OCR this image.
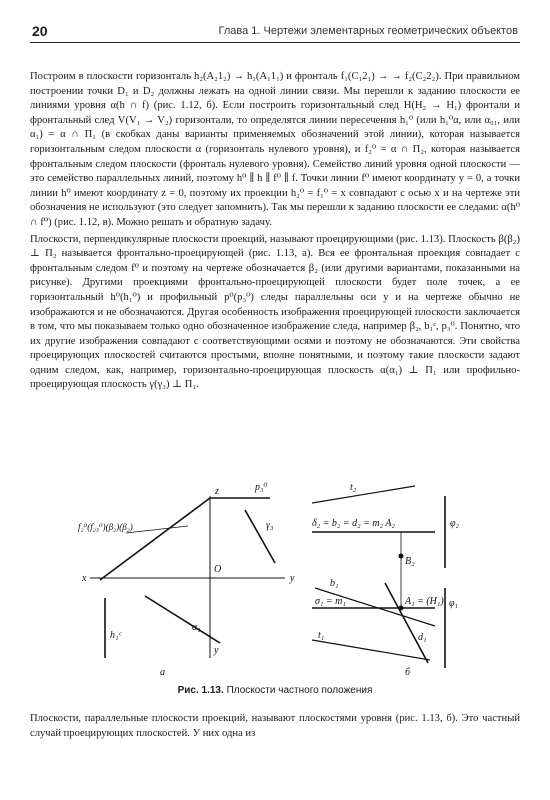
20	Глава 1. Чертежи элементарных геометрических объектов

Построим в плоскости горизонталь h₂(A₂1₂) → h₁(A₁1₁) и фронталь f₁(C₁2₁) → → f₂(C₂2₂). При правильном построении точки D₁ и D₂ должны лежать на одной линии связи. Мы перешли к заданию плоскости ее линиями уровня α(h ∩ f) (рис. 1.12, б). Если построить горизонтальный след H(H₂ → H₁) фронтали и фронтальный след V(V₁ → V₂) горизонтали, то определятся линии пересечения h₁⁰ (или h₁⁰α, или α₀₁, или α₁) = α ∩ Π₁ (в скобках даны варианты применяемых обозначений этой линии), которая называется горизонтальным следом плоскости α (горизонталь нулевого уровня), и f₂⁰ = α ∩ Π₂, которая называется фронтальным следом плоскости (фронталь нулевого уровня). Семейство линий уровня одной плоскости — это семейство параллельных линий, поэтому h⁰ ∥ h ∥ f⁰ ∥ f. Точки линии f⁰ имеют координату y = 0, а точки линии h⁰ имеют координату z = 0, поэтому их проекции h₂⁰ = f₁⁰ = x совпадают с осью x и на чертеже эти обозначения не используют (это следует запомнить). Так мы перешли к заданию плоскости ее следами: α(h⁰ ∩ f⁰) (рис. 1.12, в). Можно решать и обратную задачу.

Плоскости, перпендикулярные плоскости проекций, называют проецирующими (рис. 1.13). Плоскость β(β₂) ⊥ Π₂ называется фронтально-проецирующей (рис. 1.13, а). Вся ее фронтальная проекция совпадает с фронтальным следом f⁰ и поэтому на чертеже обозначается β₂ (или другими вариантами, показанными на рисунке). Другими проекциями фронтально-проецирующей плоскости будет поле точек, а ее горизонтальный h⁰(h₁⁰) и профильный p⁰(p₃⁰) следы параллельны оси y и на чертеже обычно не изображаются и не обозначаются. Другая особенность изображения проецирующей плоскости заключается в том, что мы показываем только одно обозначенное изображение следа, например β₂, b₁ᶜ, p₃⁰. Понятно, что их другие изображения совпадают с соответствующими осями и поэтому не обозначаются. Эти свойства проецирующих плоскостей считаются простыми, вполне понятными, и поэтому такие плоскости задают одним следом, как, например, горизонтально-проецирующая плоскость α(α₁) ⊥ Π₁ или профильно-проецирующая плоскость γ(γ₃) ⊥ Π₁.

f₂⁰(f₂₃⁰)(β₂)(β₂)
z	p₃⁰
γ₃
O
y
x
α₁
h₁ᶜ
y
а
t₂
φ₂
δ₂ = b₂ = d₂ = m₂ A₂
B₂
φ₁
b₁
σ₁ = m₁	A₁ = (H₁)
t₁	d₁
б
Рис. 1.13. Плоскости частного положения

Плоскости, параллельные плоскости проекций, называют плоскостями уровня (рис. 1.13, б). Это частный случай проецирующих плоскостей. У них одна из
